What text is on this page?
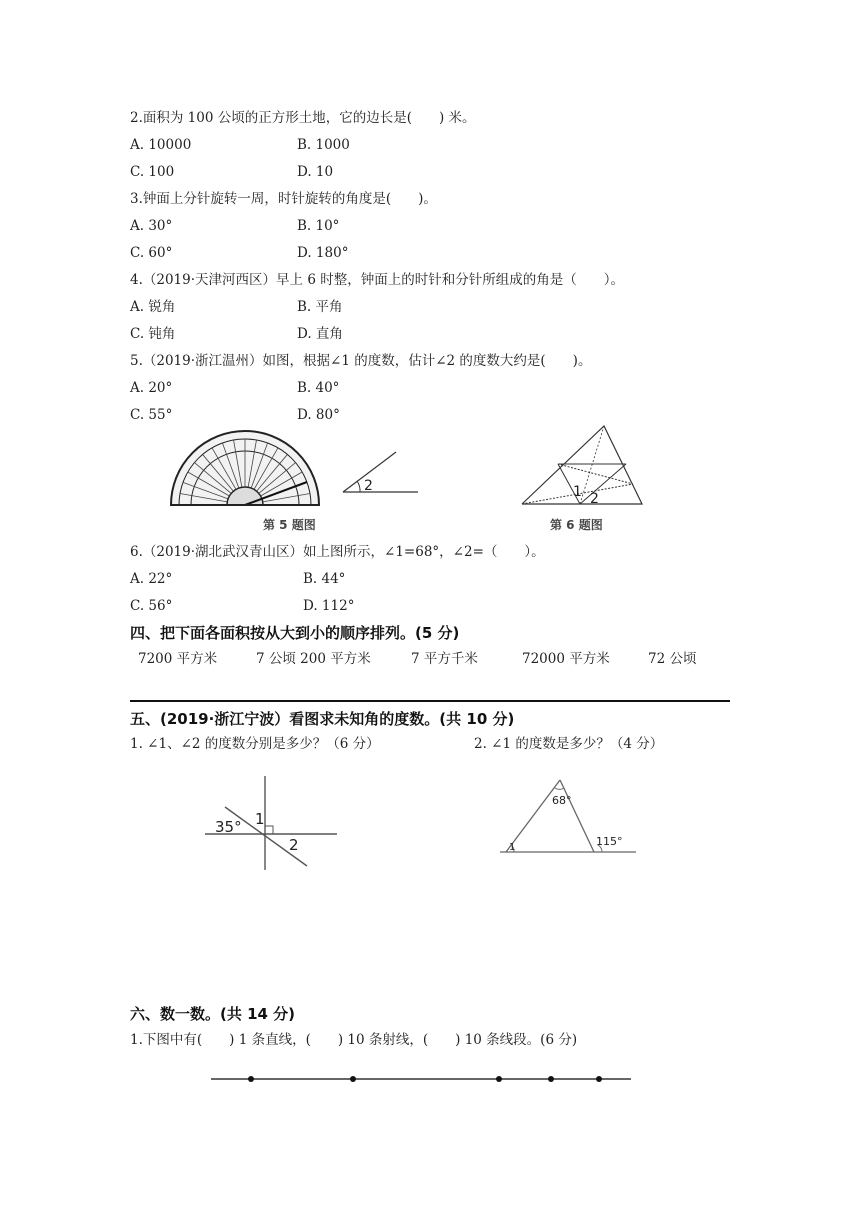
2.面积为 100 公顷的正方形土地，它的边长是(　　) 米。
A. 10000	B. 1000
C. 100	D. 10
3.钟面上分针旋转一周，时针旋转的角度是(　　)。
A. 30°	B. 10°
C. 60°	D. 180°
4.（2019·天津河西区）早上 6 时整，钟面上的时针和分针所组成的角是（　　）。
A. 锐角	B. 平角
C. 钝角	D. 直角
5.（2019·浙江温州）如图，根据∠1 的度数，估计∠2 的度数大约是(　　)。
A. 20°	B. 40°
C. 55°	D. 80°
第 5 题图
2	1 2
第 6 题图
6.（2019·湖北武汉青山区）如上图所示，∠1=68°，∠2=（　　）。
A. 22°	B. 44°
C. 56°	D. 112°
四、把下面各面积按从大到小的顺序排列。(5 分)
7200 平方米	7 公顷 200 平方米	7 平方千米	72000 平方米	72 公顷
五、(2019·浙江宁波）看图求未知角的度数。(共 10 分)
1. ∠1、∠2 的度数分别是多少？（6 分）	2. ∠1 的度数是多少？（4 分）
35° 1
2	1
68°
115°
六、数一数。(共 14 分)
1.下图中有(　　) 1 条直线，(　　) 10 条射线，(　　) 10 条线段。(6 分)
